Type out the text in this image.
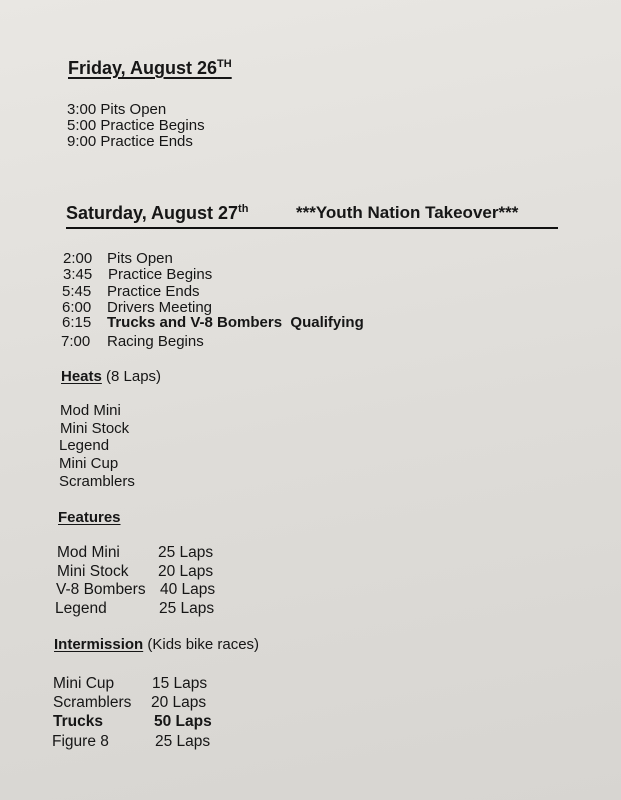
Friday, August 26TH
3:00 Pits Open
5:00 Practice Begins
9:00 Practice Ends
Saturday, August 27th	***Youth Nation Takeover***
2:00 Pits Open
3:45 Practice Begins
5:45 Practice Ends
6:00 Drivers Meeting
6:15 Trucks and V-8 Bombers  Qualifying
7:00 Racing Begins
Heats (8 Laps)
Mod Mini
Mini Stock
Legend
Mini Cup
Scramblers
Features
Mod Mini 25 Laps
Mini Stock 20 Laps
V-8 Bombers 40 Laps
Legend	25 Laps
Intermission (Kids bike races)
Mini Cup 15 Laps
Scramblers 20 Laps
Trucks	50 Laps
Figure 8	25 Laps
